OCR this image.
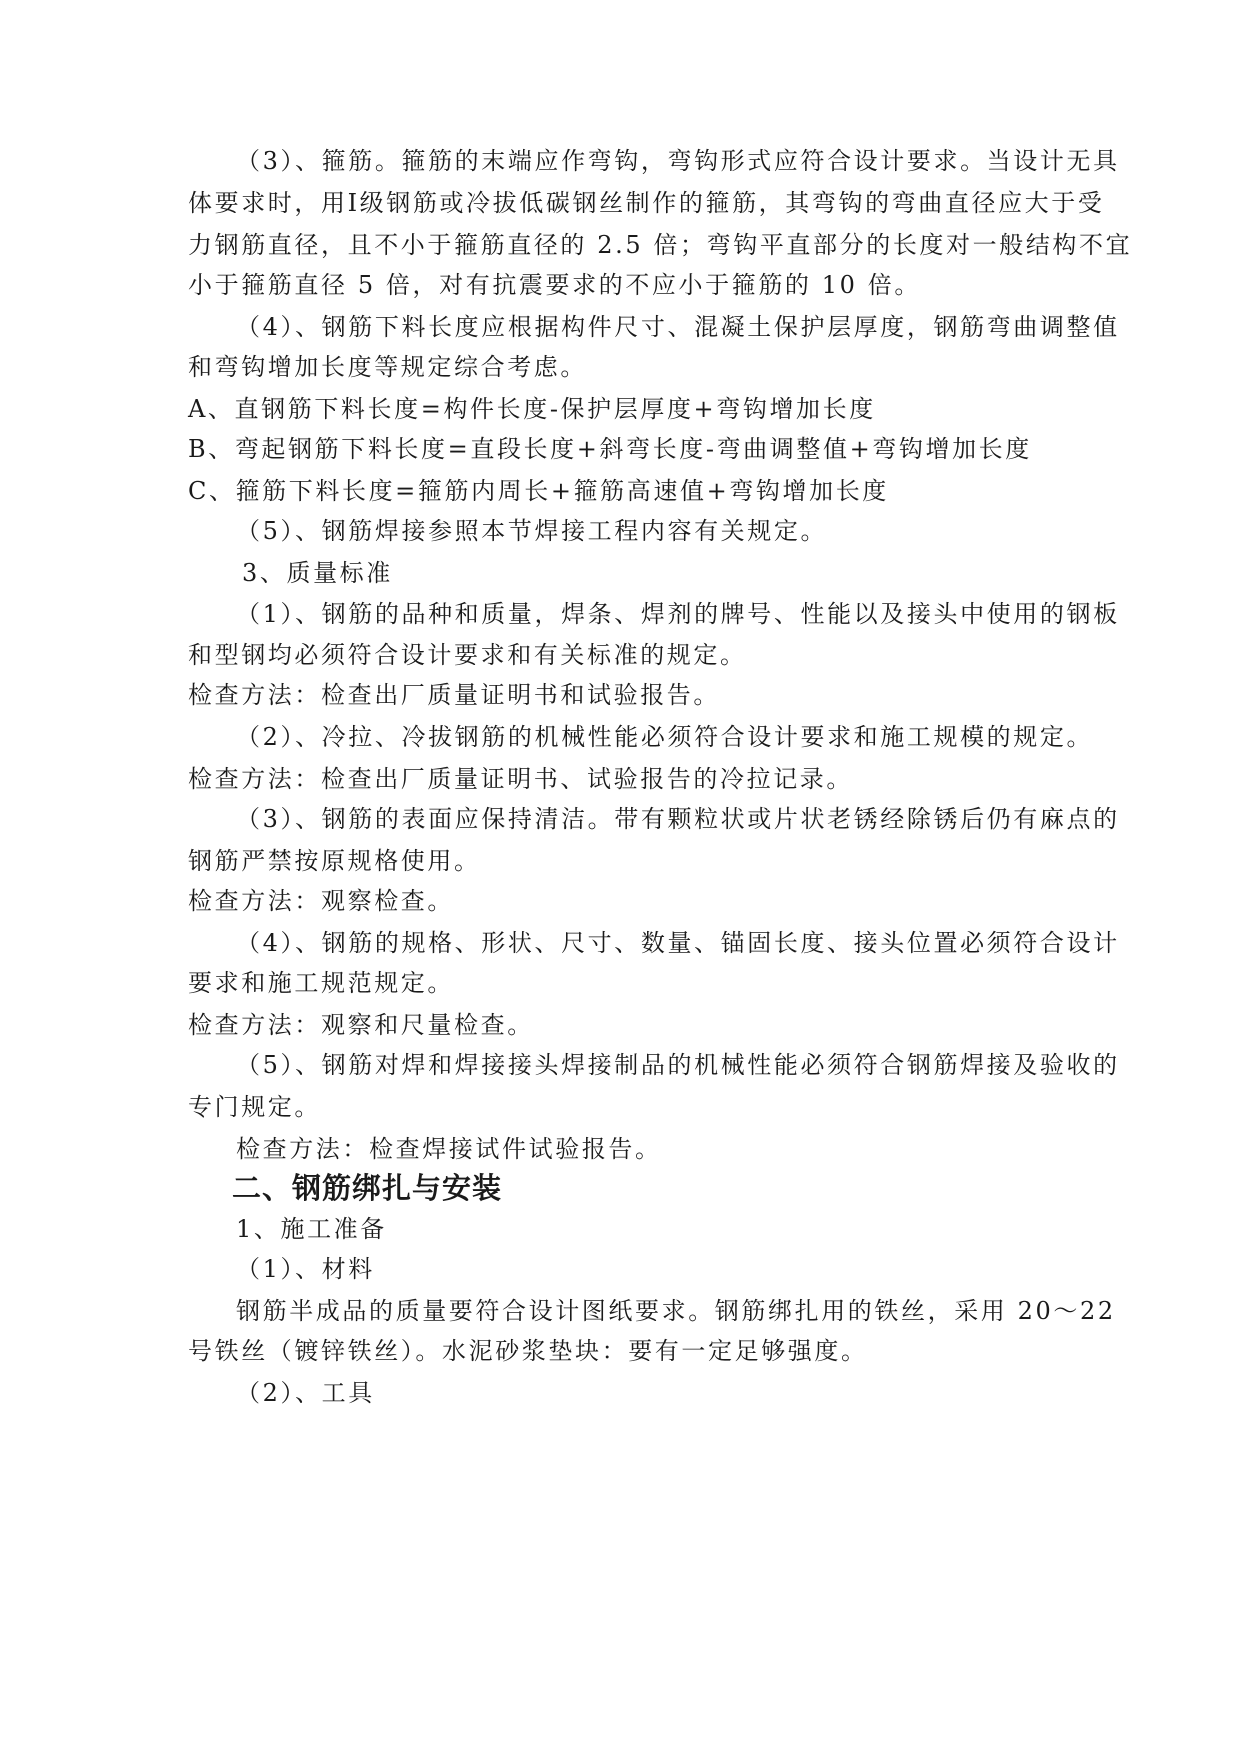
（3）、箍筋。箍筋的末端应作弯钩，弯钩形式应符合设计要求。当设计无具
体要求时，用Ⅰ级钢筋或冷拔低碳钢丝制作的箍筋，其弯钩的弯曲直径应大于受
力钢筋直径，且不小于箍筋直径的 2.5 倍；弯钩平直部分的长度对一般结构不宜
小于箍筋直径 5 倍，对有抗震要求的不应小于箍筋的 10 倍。
（4）、钢筋下料长度应根据构件尺寸、混凝土保护层厚度，钢筋弯曲调整值
和弯钩增加长度等规定综合考虑。
A、直钢筋下料长度=构件长度-保护层厚度+弯钩增加长度
B、弯起钢筋下料长度=直段长度+斜弯长度-弯曲调整值+弯钩增加长度
C、箍筋下料长度=箍筋内周长+箍筋高速值+弯钩增加长度
（5）、钢筋焊接参照本节焊接工程内容有关规定。
3、质量标准
（1）、钢筋的品种和质量，焊条、焊剂的牌号、性能以及接头中使用的钢板
和型钢均必须符合设计要求和有关标准的规定。
检查方法：检查出厂质量证明书和试验报告。
（2）、冷拉、冷拔钢筋的机械性能必须符合设计要求和施工规模的规定。
检查方法：检查出厂质量证明书、试验报告的冷拉记录。
（3）、钢筋的表面应保持清洁。带有颗粒状或片状老锈经除锈后仍有麻点的
钢筋严禁按原规格使用。
检查方法：观察检查。
（4）、钢筋的规格、形状、尺寸、数量、锚固长度、接头位置必须符合设计
要求和施工规范规定。
检查方法：观察和尺量检查。
（5）、钢筋对焊和焊接接头焊接制品的机械性能必须符合钢筋焊接及验收的
专门规定。
检查方法：检查焊接试件试验报告。
二、钢筋绑扎与安装
1、施工准备
（1）、材料
钢筋半成品的质量要符合设计图纸要求。钢筋绑扎用的铁丝，采用 20～22
号铁丝（镀锌铁丝）。水泥砂浆垫块：要有一定足够强度。
（2）、工具
